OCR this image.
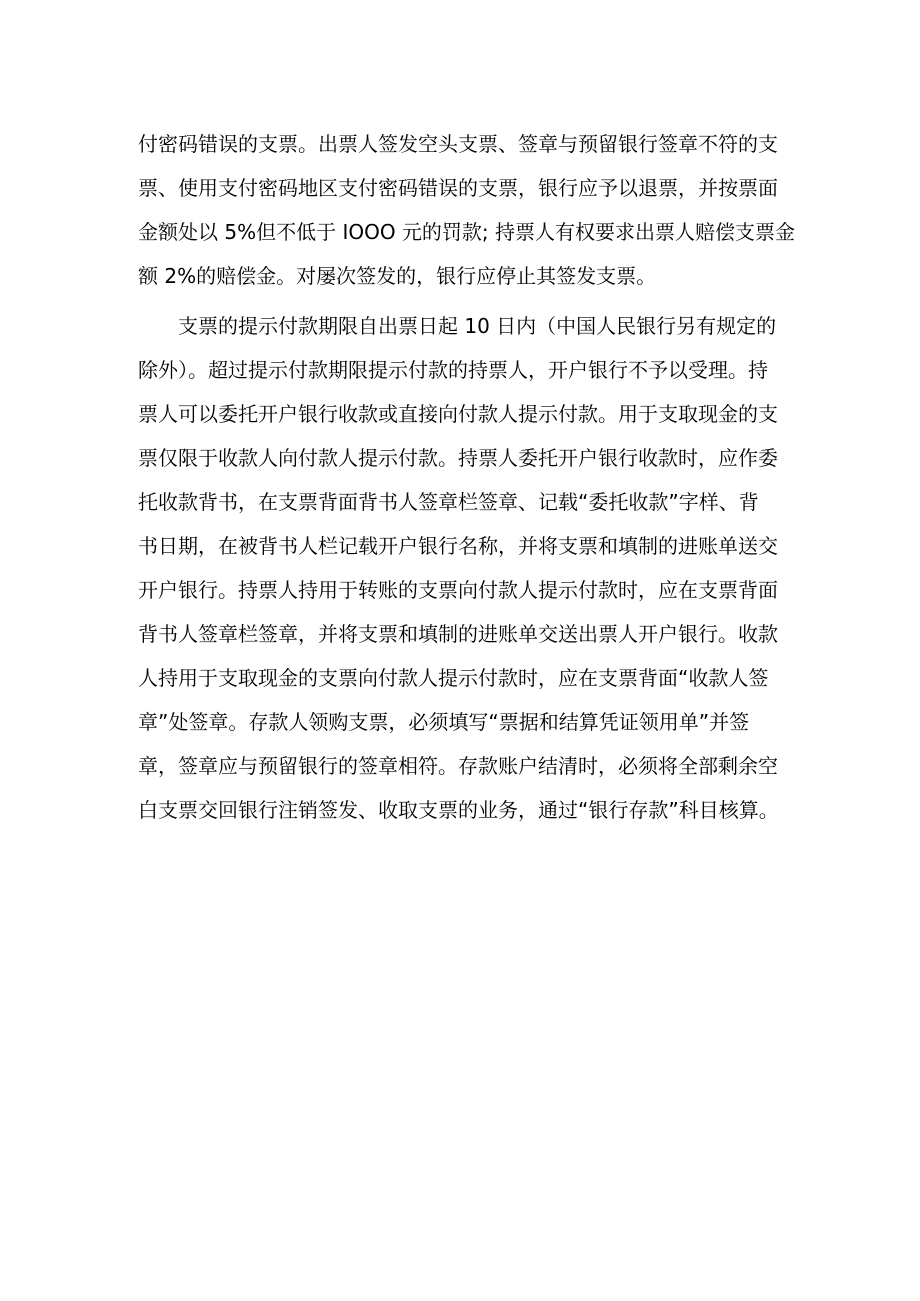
付密码错误的支票。出票人签发空头支票、签章与预留银行签章不符的支
票、使用支付密码地区支付密码错误的支票，银行应予以退票，并按票面
金额处以 5%但不低于 IOOO 元的罚款; 持票人有权要求出票人赔偿支票金
额 2%的赔偿金。对屡次签发的，银行应停止其签发支票。
　　支票的提示付款期限自出票日起 10 日内（中国人民银行另有规定的
除外）。超过提示付款期限提示付款的持票人，开户银行不予以受理。持
票人可以委托开户银行收款或直接向付款人提示付款。用于支取现金的支
票仅限于收款人向付款人提示付款。持票人委托开户银行收款时，应作委
托收款背书，在支票背面背书人签章栏签章、记载“委托收款”字样、背
书日期，在被背书人栏记载开户银行名称，并将支票和填制的进账单送交
开户银行。持票人持用于转账的支票向付款人提示付款时，应在支票背面
背书人签章栏签章，并将支票和填制的进账单交送出票人开户银行。收款
人持用于支取现金的支票向付款人提示付款时，应在支票背面“收款人签
章”处签章。存款人领购支票，必须填写“票据和结算凭证领用单”并签
章，签章应与预留银行的签章相符。存款账户结清时，必须将全部剩余空
白支票交回银行注销签发、收取支票的业务，通过“银行存款”科目核算。
